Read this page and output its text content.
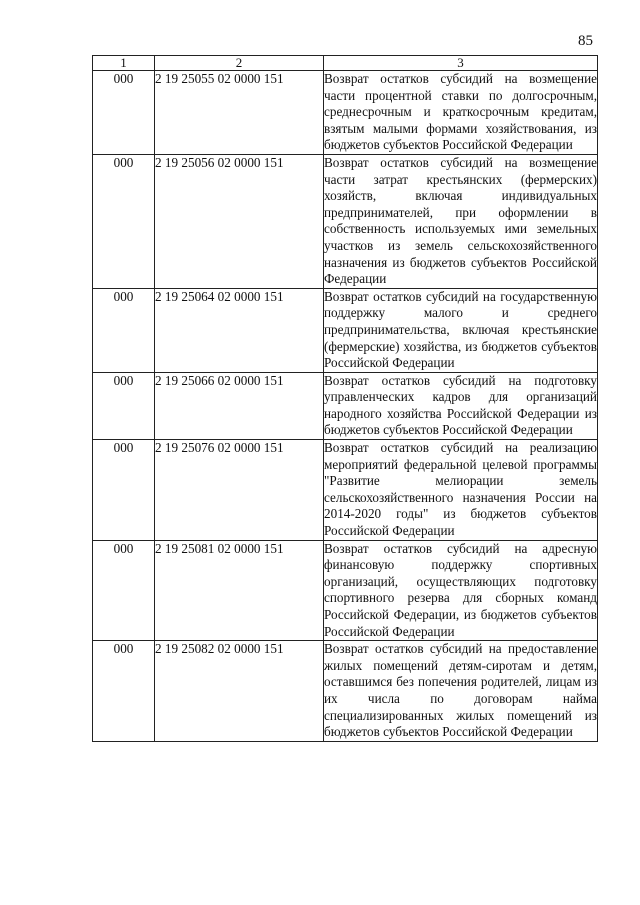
85
1	2	3
000	2 19 25055 02 0000 151	Возврат остатков субсидий на возмещение части процентной ставки по долгосрочным, среднесрочным и краткосрочным кредитам, взятым малыми формами хозяйствования, из бюджетов субъектов Российской Федерации

000	2 19 25056 02 0000 151	Возврат остатков субсидий на возмещение части затрат крестьянских (фермерских) хозяйств, включая индивидуальных предпринимателей, при оформлении в собственность используемых ими земельных участков из земель сельскохозяйственного назначения из бюджетов субъектов Российской Федерации

000	2 19 25064 02 0000 151	Возврат остатков субсидий на государственную поддержку малого и среднего предпринимательства, включая крестьянские (фермерские) хозяйства, из бюджетов субъектов Российской Федерации

000	2 19 25066 02 0000 151	Возврат остатков субсидий на подготовку управленческих кадров для организаций народного хозяйства Российской Федерации из бюджетов субъектов Российской Федерации

000	2 19 25076 02 0000 151	Возврат остатков субсидий на реализацию мероприятий федеральной целевой программы "Развитие мелиорации земель сельскохозяйственного назначения России на 2014-2020 годы" из бюджетов субъектов Российской Федерации

000	2 19 25081 02 0000 151	Возврат остатков субсидий на адресную финансовую поддержку спортивных организаций, осуществляющих подготовку спортивного резерва для сборных команд Российской Федерации, из бюджетов субъектов Российской Федерации

000	2 19 25082 02 0000 151	Возврат остатков субсидий на предоставление жилых помещений детям-сиротам и детям, оставшимся без попечения родителей, лицам из их числа по договорам найма специализированных жилых помещений из бюджетов субъектов Российской Федерации
